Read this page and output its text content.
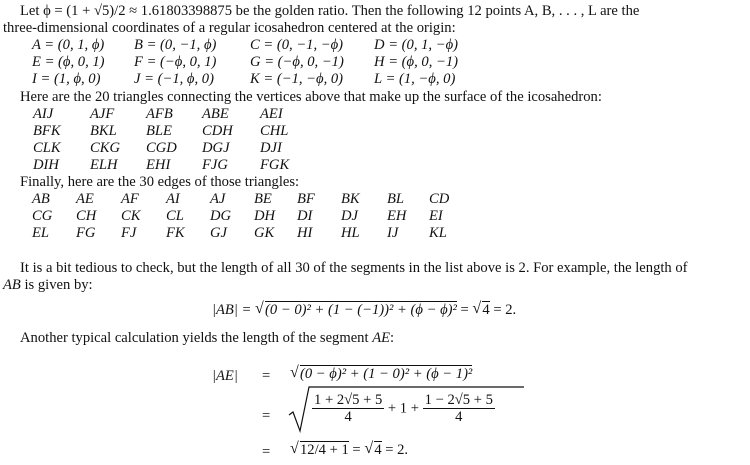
Let ϕ = (1 + √5)/2 ≈ 1.61803398875 be the golden ratio. Then the following 12 points A, B, . . . , L are the
three-dimensional coordinates of a regular icosahedron centered at the origin:
A = (0, 1, ϕ) B = (0, −1, ϕ) C = (0, −1, −ϕ) D = (0, 1, −ϕ)
E = (ϕ, 0, 1) F = (−ϕ, 0, 1) G = (−ϕ, 0, −1) H = (ϕ, 0, −1)
I = (1, ϕ, 0) J = (−1, ϕ, 0) K = (−1, −ϕ, 0) L = (1, −ϕ, 0)
Here are the 20 triangles connecting the vertices above that make up the surface of the icosahedron:
AIJ	AJF AFB ABE AEI
BFK BKL BLE CDH CHL
CLK CKG CGD DGJ DJI
DIH ELH EHI FJG FGK
Finally, here are the 30 edges of those triangles:
AB AE AF AI AJ BE BF BK BL CD
CG CH CK CL DG DH DI DJ EH EI
EL FG FJ FK GJ GK HI HL IJ KL
It is a bit tedious to check, but the length of all 30 of the segments in the list above is 2. For example, the length of
AB is given by:
|AB| = √ (0 − 0)² + (1 − (−1))² + (ϕ − ϕ)² = √ 4 = 2.
Another typical calculation yields the length of the segment AE:
|AE| =	√ (0 − ϕ)² + (1 − 0)² + (ϕ − 1)²
=	$\frac{1 + 2√5 + 5}{4} + 1 + \frac{1 - 2√5 + 5}{4}$
=	√ 12/4 + 1 = √ 4 = 2.
